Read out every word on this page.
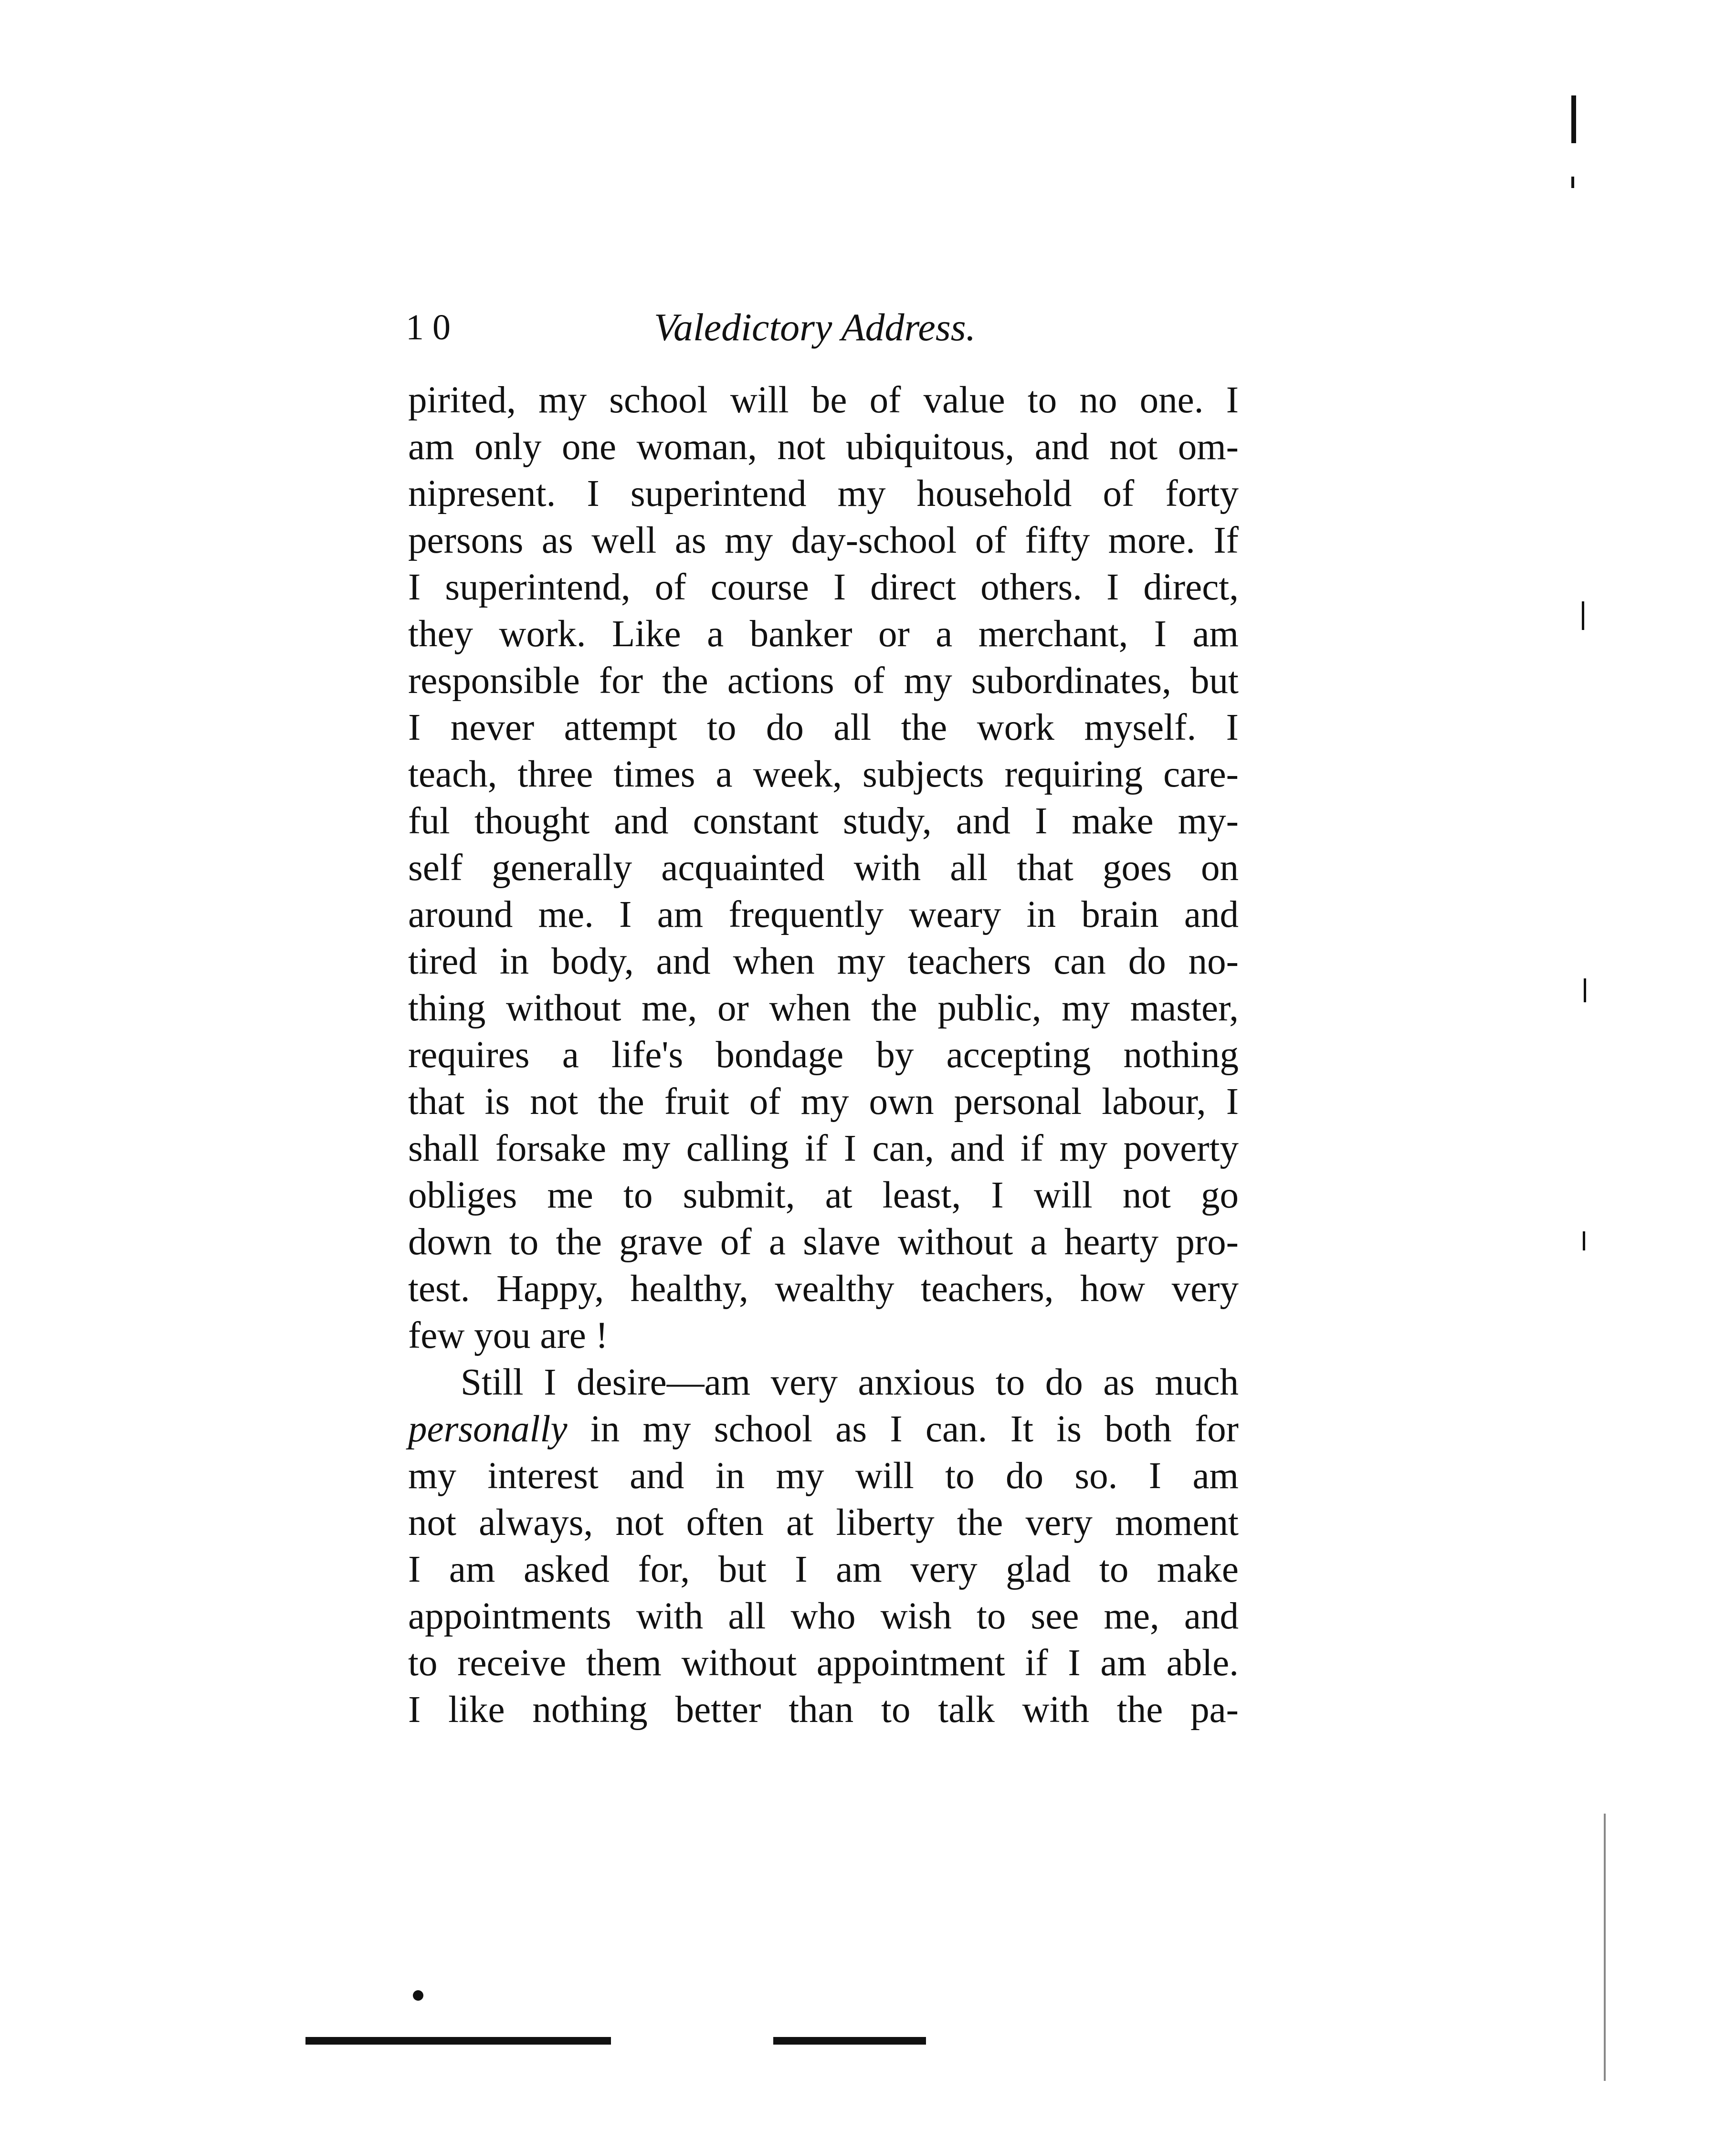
10	Valedictory Address.
pirited, my school will be of value to no one. I
am only one woman, not ubiquitous, and not om-
nipresent. I superintend my household of forty
persons as well as my day-school of fifty more. If
I superintend, of course I direct others. I direct,
they work. Like a banker or a merchant, I am
responsible for the actions of my subordinates, but
I never attempt to do all the work myself. I
teach, three times a week, subjects requiring care-
ful thought and constant study, and I make my-
self generally acquainted with all that goes on
around me. I am frequently weary in brain and
tired in body, and when my teachers can do no-
thing without me, or when the public, my master,
requires a life's bondage by accepting nothing
that is not the fruit of my own personal labour, I
shall forsake my calling if I can, and if my poverty
obliges me to submit, at least, I will not go
down to the grave of a slave without a hearty pro-
test. Happy, healthy, wealthy teachers, how very
few you are !
Still I desire—am very anxious to do as much
personally in my school as I can. It is both for
my interest and in my will to do so. I am
not always, not often at liberty the very moment
I am asked for, but I am very glad to make
appointments with all who wish to see me, and
to receive them without appointment if I am able.
I like nothing better than to talk with the pa-
